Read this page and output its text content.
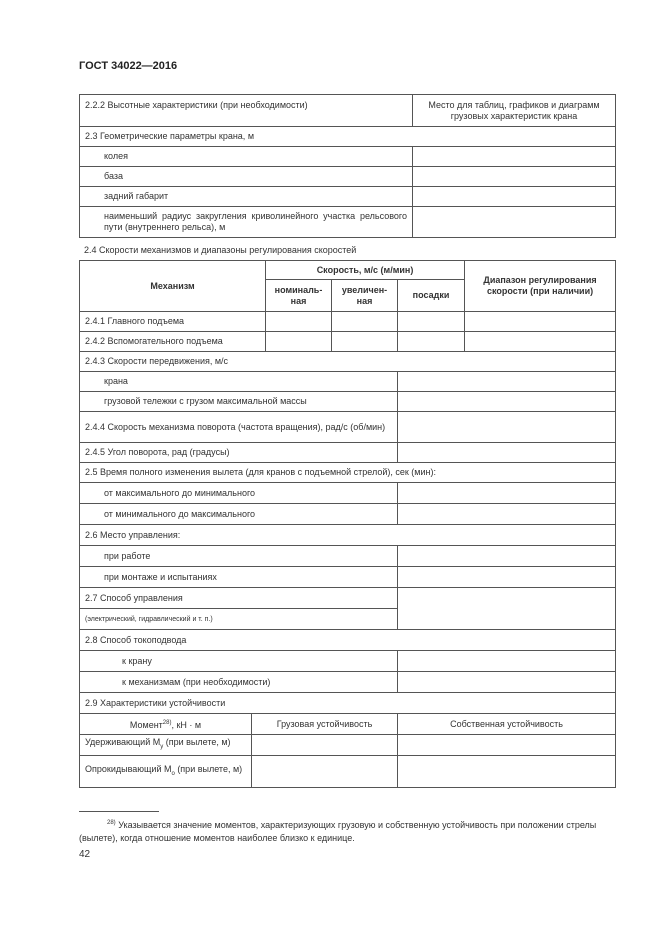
ГОСТ 34022—2016
2.2.2 Высотные характеристики (при необходимости)	Место для таблиц, графиков и диаграмм грузовых характеристик крана
2.3 Геометрические параметры крана, м	
колея	
база	
задний габарит	
наименьший радиус закругления криволинейного участка рельсового пути (внутреннего рельса), м	
2.4 Скорости механизмов и диапазоны регулирования скоростей
Механизм		Скорость, м/с (м/мин)			Диапазон регулирования скорости (при наличии)
		номиналь-ная	увеличен-ная	посадки	
2.4.1 Главного подъема					
2.4.2 Вспомогательного подъема					
2.4.3 Скорости передвижения, м/с					
крана					
грузовой тележки с грузом максимальной массы					
2.4.4 Скорость механизма поворота (частота вращения), рад/с (об/мин)					
2.4.5 Угол поворота, рад (градусы)					
2.5 Время полного изменения вылета (для кранов с подъемной стрелой), сек (мин):					
от максимального до минимального					
от минимального до максимального					
2.6 Место управления:					
при работе					
при монтаже и испытаниях					
2.7 Способ управления					
(электрический, гидравлический и т. п.)					
2.8 Способ токоподвода					
к крану					
к механизмам (при необходимости)					
2.9 Характеристики устойчивости					
Момент$^{28)}$, кН · м	Грузовая устойчивость			Собственная устойчивость	
Удерживающий $М_у$ (при вылете, м)					
Опрокидывающий $М_о$ (при вылете, м)					
$^{28)}$ Указывается значение моментов, характеризующих грузовую и собственную устойчивость при положении стрелы (вылете), когда отношение моментов наиболее близко к единице.
42
